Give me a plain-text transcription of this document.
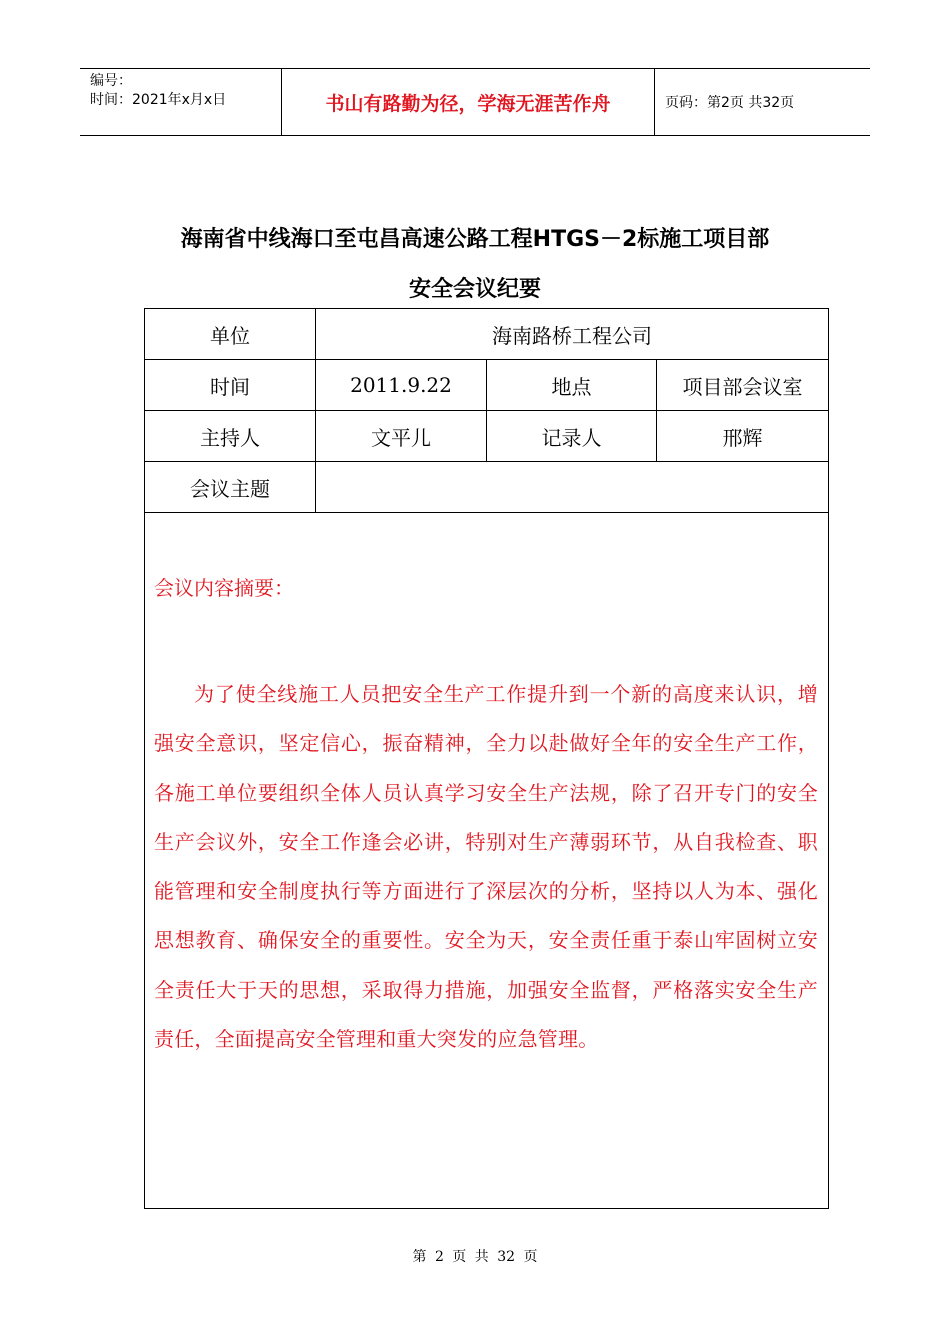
编号：
时间：2021年x月x日	书山有路勤为径，学海无涯苦作舟	页码：第2页 共32页
海南省中线海口至屯昌高速公路工程HTGS－2标施工项目部
安全会议纪要
单位	海南路桥工程公司
时间	2011.9.22	地点	项目部会议室
主持人	文平儿	记录人	邢辉
会议主题
会议内容摘要：
为了使全线施工人员把安全生产工作提升到一个新的高度来认识，增强安全意识，坚定信心，振奋精神，全力以赴做好全年的安全生产工作，各施工单位要组织全体人员认真学习安全生产法规，除了召开专门的安全生产会议外，安全工作逢会必讲，特别对生产薄弱环节，从自我检查、职能管理和安全制度执行等方面进行了深层次的分析，坚持以人为本、强化思想教育、确保安全的重要性。安全为天，安全责任重于泰山牢固树立安全责任大于天的思想，采取得力措施，加强安全监督，严格落实安全生产责任，全面提高安全管理和重大突发的应急管理。
第 2 页 共 32 页
